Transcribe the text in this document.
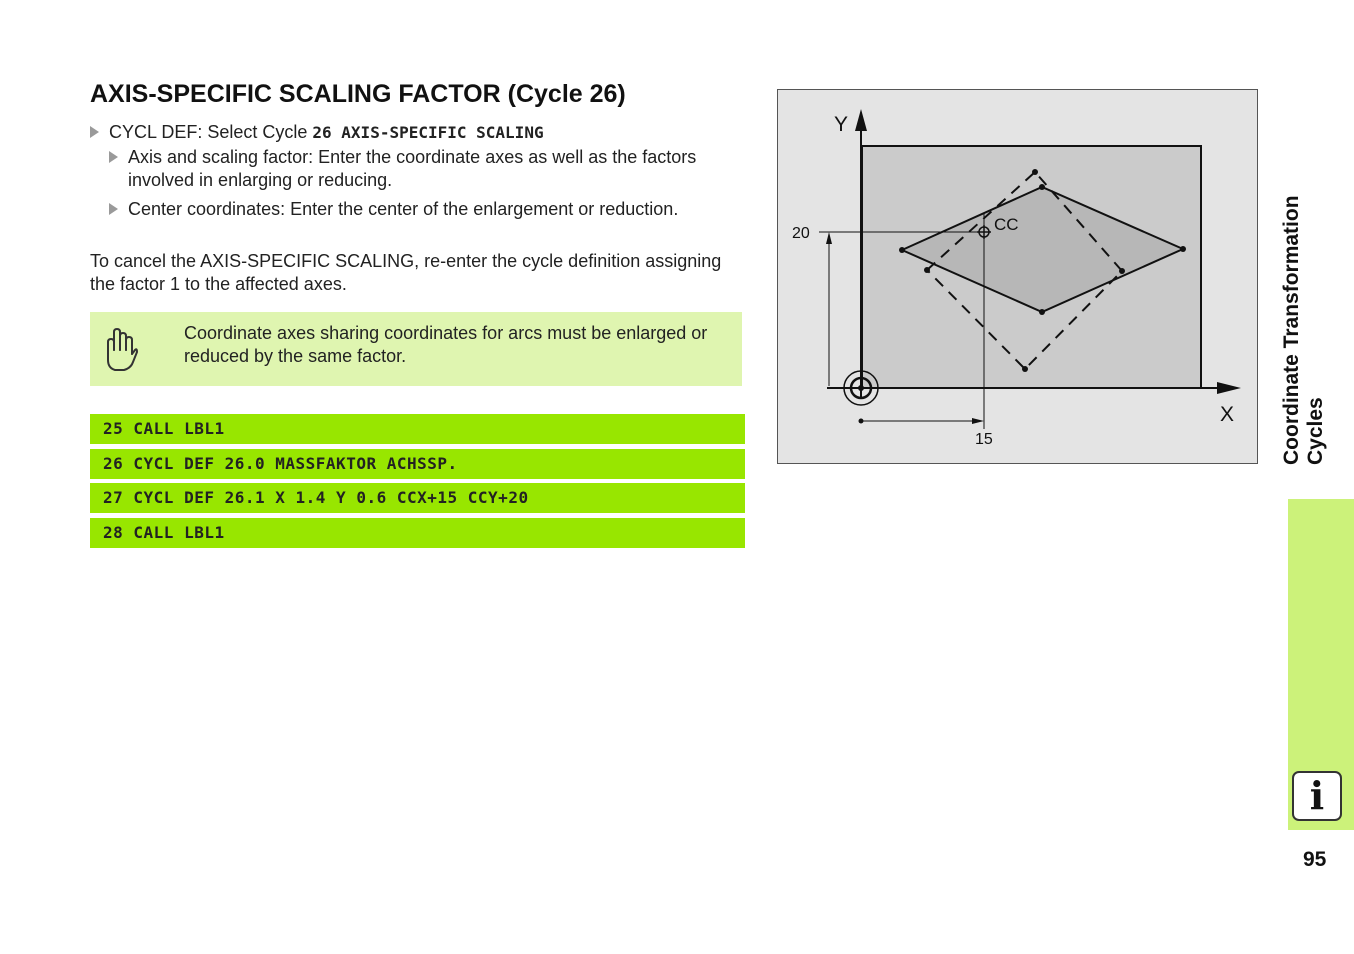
AXIS-SPECIFIC SCALING FACTOR (Cycle 26)
CYCL DEF: Select Cycle 26 AXIS-SPECIFIC SCALING
Axis and scaling factor: Enter the coordinate axes as well as the factors involved in enlarging or reducing.
Center coordinates: Enter the center of the enlargement or reduction.

To cancel the AXIS-SPECIFIC SCALING, re-enter the cycle definition assigning the factor 1 to the affected axes.

Coordinate axes sharing coordinates for arcs must be enlarged or reduced by the same factor.
25 CALL LBL1
26 CYCL DEF 26.0 MASSFAKTOR ACHSSP.
27 CYCL DEF 26.1 X 1.4 Y 0.6 CCX+15 CCY+20
28 CALL LBL1
Y
X
CC
20
15	Coordinate Transformation Cycles
i
95
